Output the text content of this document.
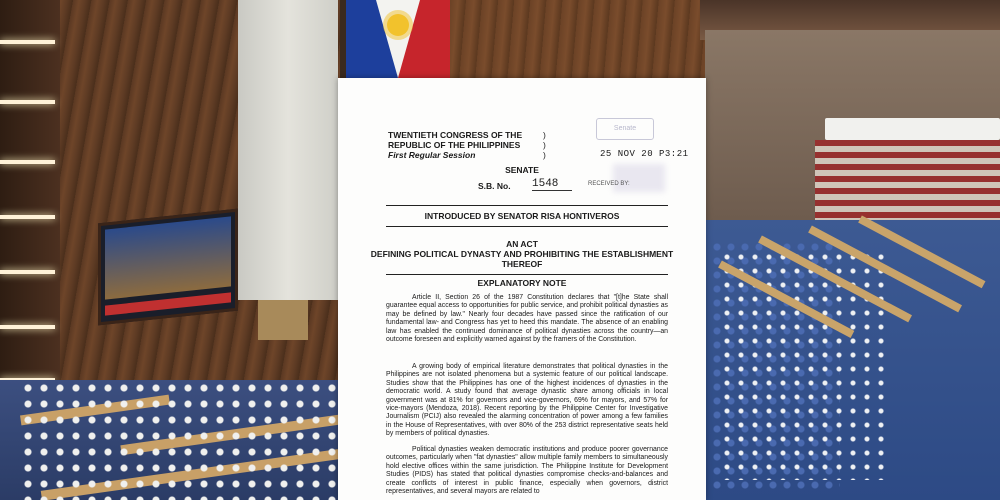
TWENTIETH CONGRESS OF THE
REPUBLIC OF THE PHILIPPINES
First Regular Session
)
)
)
Senate
25 NOV 20 P3:21
RECEIVED BY:
SENATE
S.B. No. 1548
INTRODUCED BY SENATOR RISA HONTIVEROS
AN ACT
DEFINING POLITICAL DYNASTY AND PROHIBITING THE ESTABLISHMENT
THEREOF
EXPLANATORY NOTE
Article II, Section 26 of the 1987 Constitution declares that "[t]he State shall guarantee equal access to opportunities for public service, and prohibit political dynasties as may be defined by law." Nearly four decades have passed since the ratification of our fundamental law- and Congress has yet to heed this mandate. The absence of an enabling law has enabled the continued dominance of political dynasties across the country—an outcome foreseen and explicitly warned against by the framers of the Constitution.
A growing body of empirical literature demonstrates that political dynasties in the Philippines are not isolated phenomena but a systemic feature of our political landscape. Studies show that the Philippines has one of the highest incidences of dynasties in the democratic world. A study found that average dynastic share among officials in local government was at 81% for governors and vice-governors, 69% for mayors, and 57% for vice-mayors (Mendoza, 2018). Recent reporting by the Philippine Center for Investigative Journalism (PCIJ) also revealed the alarming concentration of power among a few families in the House of Representatives, with over 80% of the 253 district representative seats held by members of political dynasties.
Political dynasties weaken democratic institutions and produce poorer governance outcomes, particularly when "fat dynasties" allow multiple family members to simultaneously hold elective offices within the same jurisdiction. The Philippine Institute for Development Studies (PIDS) has stated that political dynasties compromise checks-and-balances and create conflicts of interest in public finance, especially when governors, district representatives, and several mayors are related to
